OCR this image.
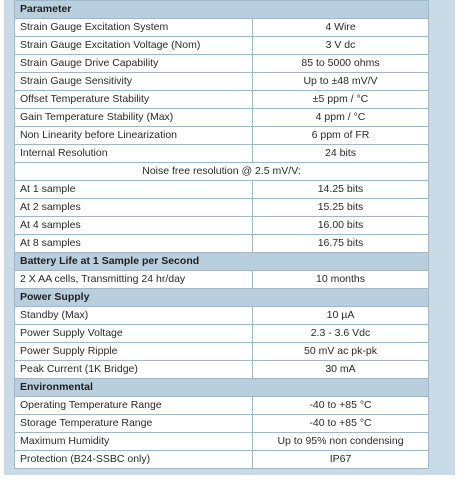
Parameter	
Strain Gauge Excitation System	4 Wire
Strain Gauge Excitation Voltage (Nom)	3 V dc
Strain Gauge Drive Capability	85 to 5000 ohms
Strain Gauge Sensitivity	Up to ±48 mV/V
Offset Temperature Stability	±5 ppm / °C
Gain Temperature Stability (Max)	4 ppm / °C
Non Linearity before Linearization	6 ppm of FR
Internal Resolution	24 bits
Noise free resolution @ 2.5 mV/V:	
At 1 sample	14.25 bits
At 2 samples	15.25 bits
At 4 samples	16.00 bits
At 8 samples	16.75 bits
Battery Life at 1 Sample per Second	
2 X AA cells, Transmitting 24 hr/day	10 months
Power Supply	
Standby (Max)	10 µA
Power Supply Voltage	2.3 - 3.6 Vdc
Power Supply Ripple	50 mV ac pk-pk
Peak Current (1K Bridge)	30 mA
Environmental	
Operating Temperature Range	-40 to +85 °C
Storage Temperature Range	-40 to +85 °C
Maximum Humidity	Up to 95% non condensing
Protection (B24-SSBC only)	IP67
